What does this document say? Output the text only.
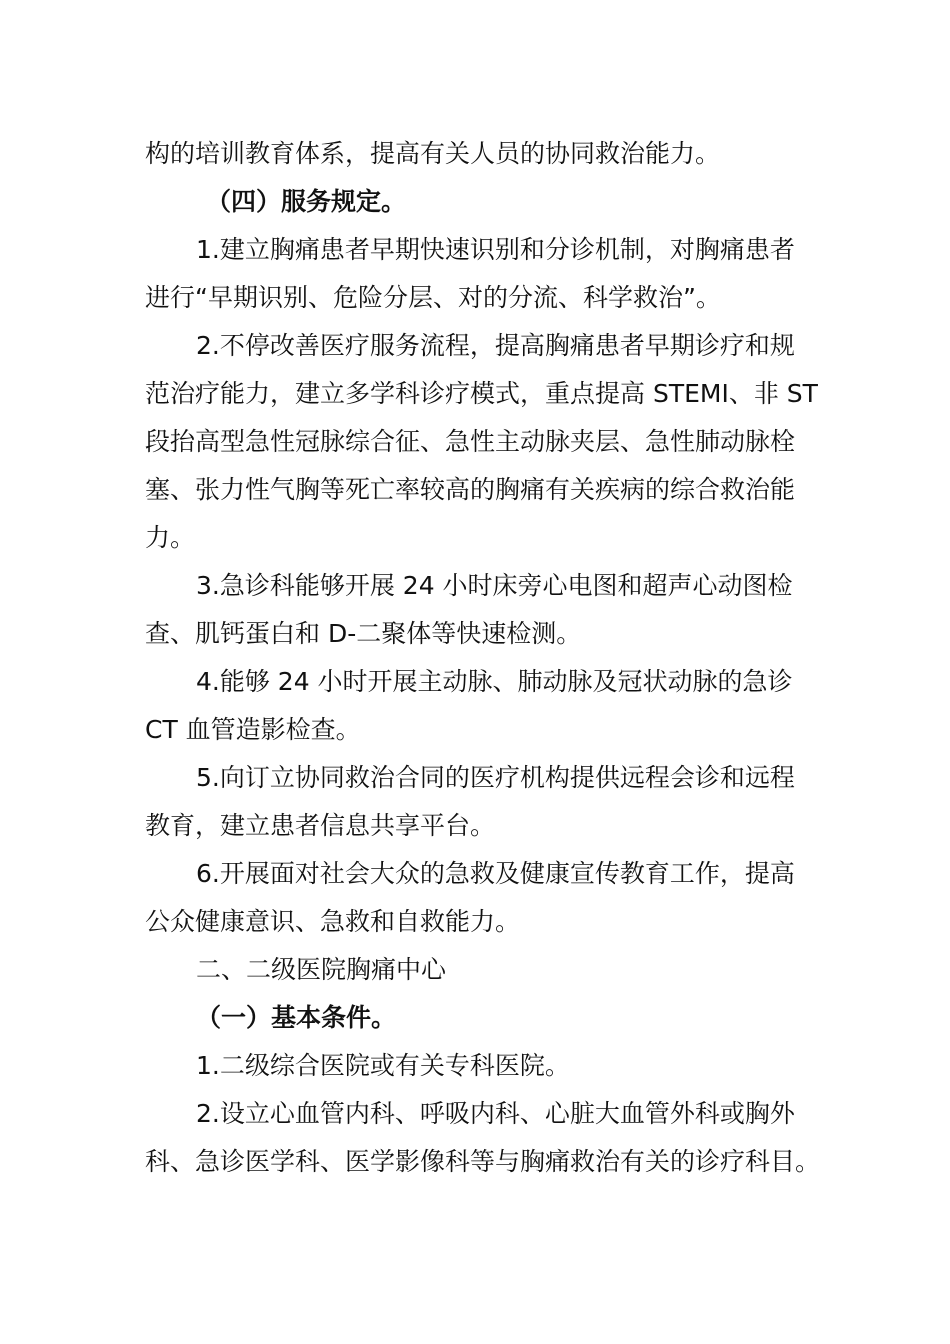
构的培训教育体系，提高有关人员的协同救治能力。
（四）服务规定。
1.建立胸痛患者早期快速识别和分诊机制，对胸痛患者
进行“早期识别、危险分层、对的分流、科学救治”。
2.不停改善医疗服务流程，提高胸痛患者早期诊疗和规
范治疗能力，建立多学科诊疗模式，重点提高 STEMI、非 ST
段抬高型急性冠脉综合征、急性主动脉夹层、急性肺动脉栓
塞、张力性气胸等死亡率较高的胸痛有关疾病的综合救治能
力。
3.急诊科能够开展 24 小时床旁心电图和超声心动图检
查、肌钙蛋白和 D-二聚体等快速检测。
4.能够 24 小时开展主动脉、肺动脉及冠状动脉的急诊
CT 血管造影检查。
5.向订立协同救治合同的医疗机构提供远程会诊和远程
教育，建立患者信息共享平台。
6.开展面对社会大众的急救及健康宣传教育工作，提高
公众健康意识、急救和自救能力。
二、二级医院胸痛中心
（一）基本条件。
1.二级综合医院或有关专科医院。
2.设立心血管内科、呼吸内科、心脏大血管外科或胸外
科、急诊医学科、医学影像科等与胸痛救治有关的诊疗科目。
